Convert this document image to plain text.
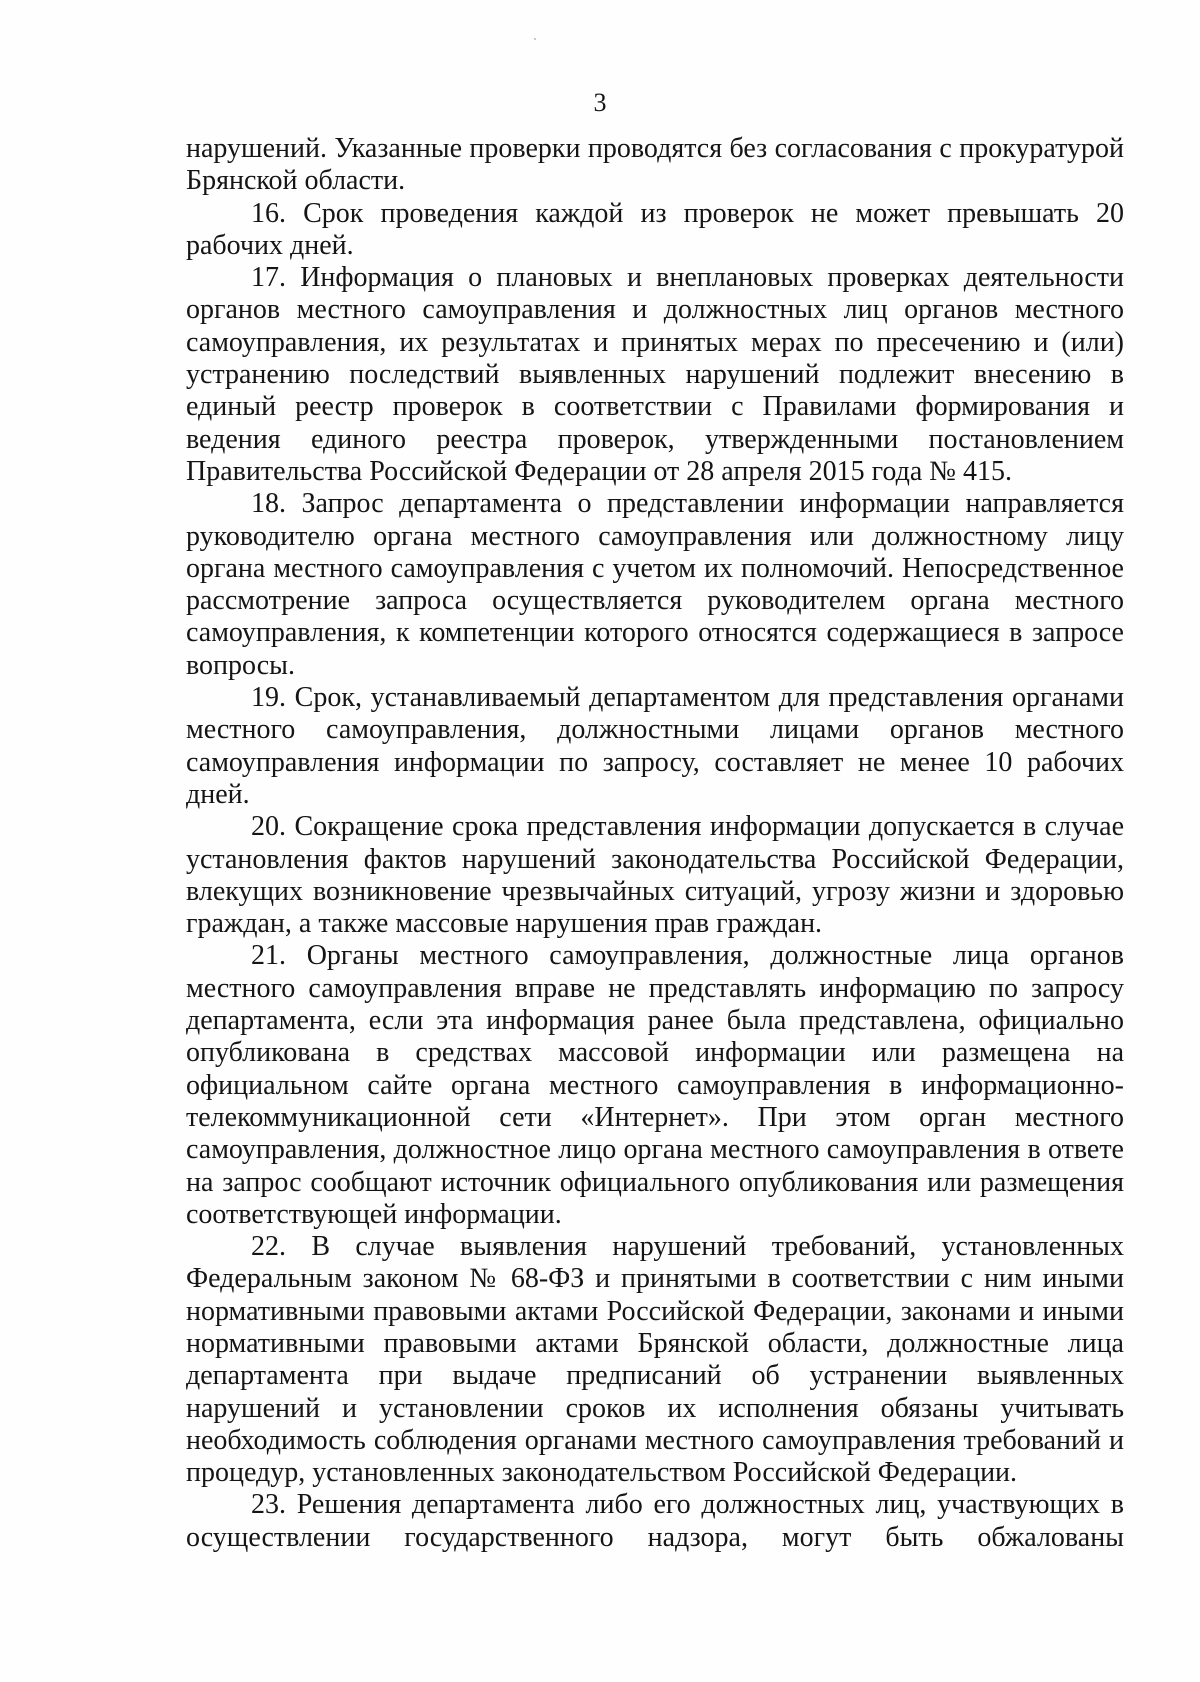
3

нарушений. Указанные проверки проводятся без согласования с прокуратурой Брянской области.

16. Срок проведения каждой из проверок не может превышать 20 рабочих дней.

17. Информация о плановых и внеплановых проверках деятельности органов местного самоуправления и должностных лиц органов местного самоуправления, их результатах и принятых мерах по пресечению и (или) устранению последствий выявленных нарушений подлежит внесению в единый реестр проверок в соответствии с Правилами формирования и ведения единого реестра проверок, утвержденными постановлением Правительства Российской Федерации от 28 апреля 2015 года № 415.

18. Запрос департамента о представлении информации направляется руководителю органа местного самоуправления или должностному лицу органа местного самоуправления с учетом их полномочий. Непосредственное рассмотрение запроса осуществляется руководителем органа местного самоуправления, к компетенции которого относятся содержащиеся в запросе вопросы.

19. Срок, устанавливаемый департаментом для представления органами местного самоуправления, должностными лицами органов местного самоуправления информации по запросу, составляет не менее 10 рабочих дней.

20. Сокращение срока представления информации допускается в случае установления фактов нарушений законодательства Российской Федерации, влекущих возникновение чрезвычайных ситуаций, угрозу жизни и здоровью граждан, а также массовые нарушения прав граждан.

21. Органы местного самоуправления, должностные лица органов местного самоуправления вправе не представлять информацию по запросу департамента, если эта информация ранее была представлена, официально опубликована в средствах массовой информации или размещена на официальном сайте органа местного самоуправления в информационно-телекоммуникационной сети «Интернет». При этом орган местного самоуправления, должностное лицо органа местного самоуправления в ответе на запрос сообщают источник официального опубликования или размещения соответствующей информации.

22. В случае выявления нарушений требований, установленных Федеральным законом № 68-ФЗ и принятыми в соответствии с ним иными нормативными правовыми актами Российской Федерации, законами и иными нормативными правовыми актами Брянской области, должностные лица департамента при выдаче предписаний об устранении выявленных нарушений и установлении сроков их исполнения обязаны учитывать необходимость соблюдения органами местного самоуправления требований и процедур, установленных законодательством Российской Федерации.

23. Решения департамента либо его должностных лиц, участвующих в осуществлении государственного надзора, могут быть обжалованы
